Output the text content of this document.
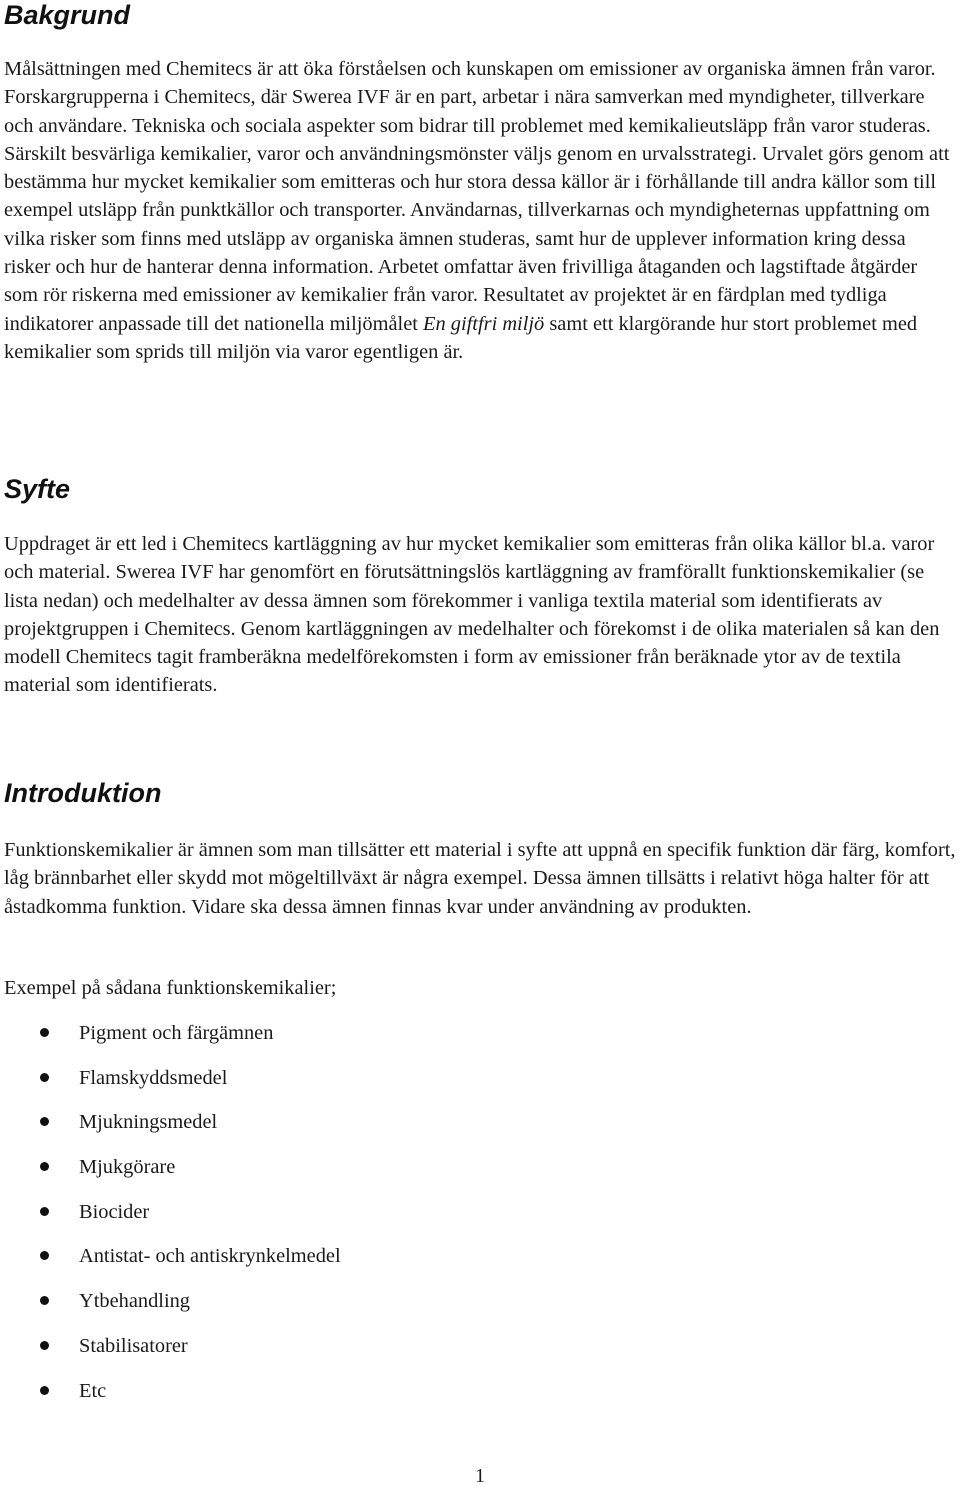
Bakgrund

Målsättningen med Chemitecs är att öka förståelsen och kunskapen om emissioner av organiska ämnen från varor. Forskargrupperna i Chemitecs, där Swerea IVF är en part, arbetar i nära samverkan med myndigheter, tillverkare och användare. Tekniska och sociala aspekter som bidrar till problemet med kemikalieutsläpp från varor studeras. Särskilt besvärliga kemikalier, varor och användningsmönster väljs genom en urvalsstrategi. Urvalet görs genom att bestämma hur mycket kemikalier som emitteras och hur stora dessa källor är i förhållande till andra källor som till exempel utsläpp från punktkällor och transporter. Användarnas, tillverkarnas och myndigheternas uppfattning om vilka risker som finns med utsläpp av organiska ämnen studeras, samt hur de upplever information kring dessa risker och hur de hanterar denna information. Arbetet omfattar även frivilliga åtaganden och lagstiftade åtgärder som rör riskerna med emissioner av kemikalier från varor. Resultatet av projektet är en färdplan med tydliga indikatorer anpassade till det nationella miljömålet En giftfri miljö samt ett klargörande hur stort problemet med kemikalier som sprids till miljön via varor egentligen är.

Syfte

Uppdraget är ett led i Chemitecs kartläggning av hur mycket kemikalier som emitteras från olika källor bl.a. varor och material. Swerea IVF har genomfört en förutsättningslös kartläggning av framförallt funktionskemikalier (se lista nedan) och medelhalter av dessa ämnen som förekommer i vanliga textila material som identifierats av projektgruppen i Chemitecs. Genom kartläggningen av medelhalter och förekomst i de olika materialen så kan den modell Chemitecs tagit framberäkna medelförekomsten i form av emissioner från beräknade ytor av de textila material som identifierats.

Introduktion

Funktionskemikalier är ämnen som man tillsätter ett material i syfte att uppnå en specifik funktion där färg, komfort, låg brännbarhet eller skydd mot mögeltillväxt är några exempel. Dessa ämnen tillsätts i relativt höga halter för att åstadkomma funktion. Vidare ska dessa ämnen finnas kvar under användning av produkten.

Exempel på sådana funktionskemikalier;

Pigment och färgämnen
Flamskyddsmedel
Mjukningsmedel
Mjukgörare
Biocider
Antistat- och antiskrynkelmedel
Ytbehandling
Stabilisatorer
Etc
1
